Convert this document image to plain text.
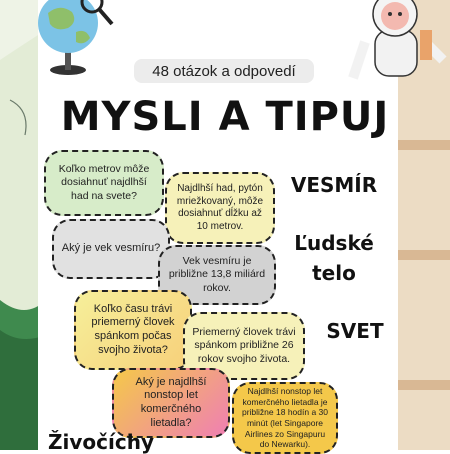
48 otázok a odpovedí
MYSLI A TIPUJ
Koľko metrov môže dosiahnuť najdlhší had na svete?
Najdlhší had, pytón mriežkovaný, môže dosiahnuť dĺžku až 10 metrov.
Aký je vek vesmíru?
Vek vesmíru je približne 13,8 miliárd rokov.
Koľko času trávi priemerný človek spánkom počas svojho života?
Priemerný človek trávi spánkom približne 26 rokov svojho života.
Aký je najdlhší nonstop let komerčného lietadla?
Najdlhší nonstop let komerčného lietadla je približne 18 hodín a 30 minút (let Singapore Airlines zo Singapuru do Newarku).
VESMÍR
Ľudské
telo
SVET
Živočíchy
